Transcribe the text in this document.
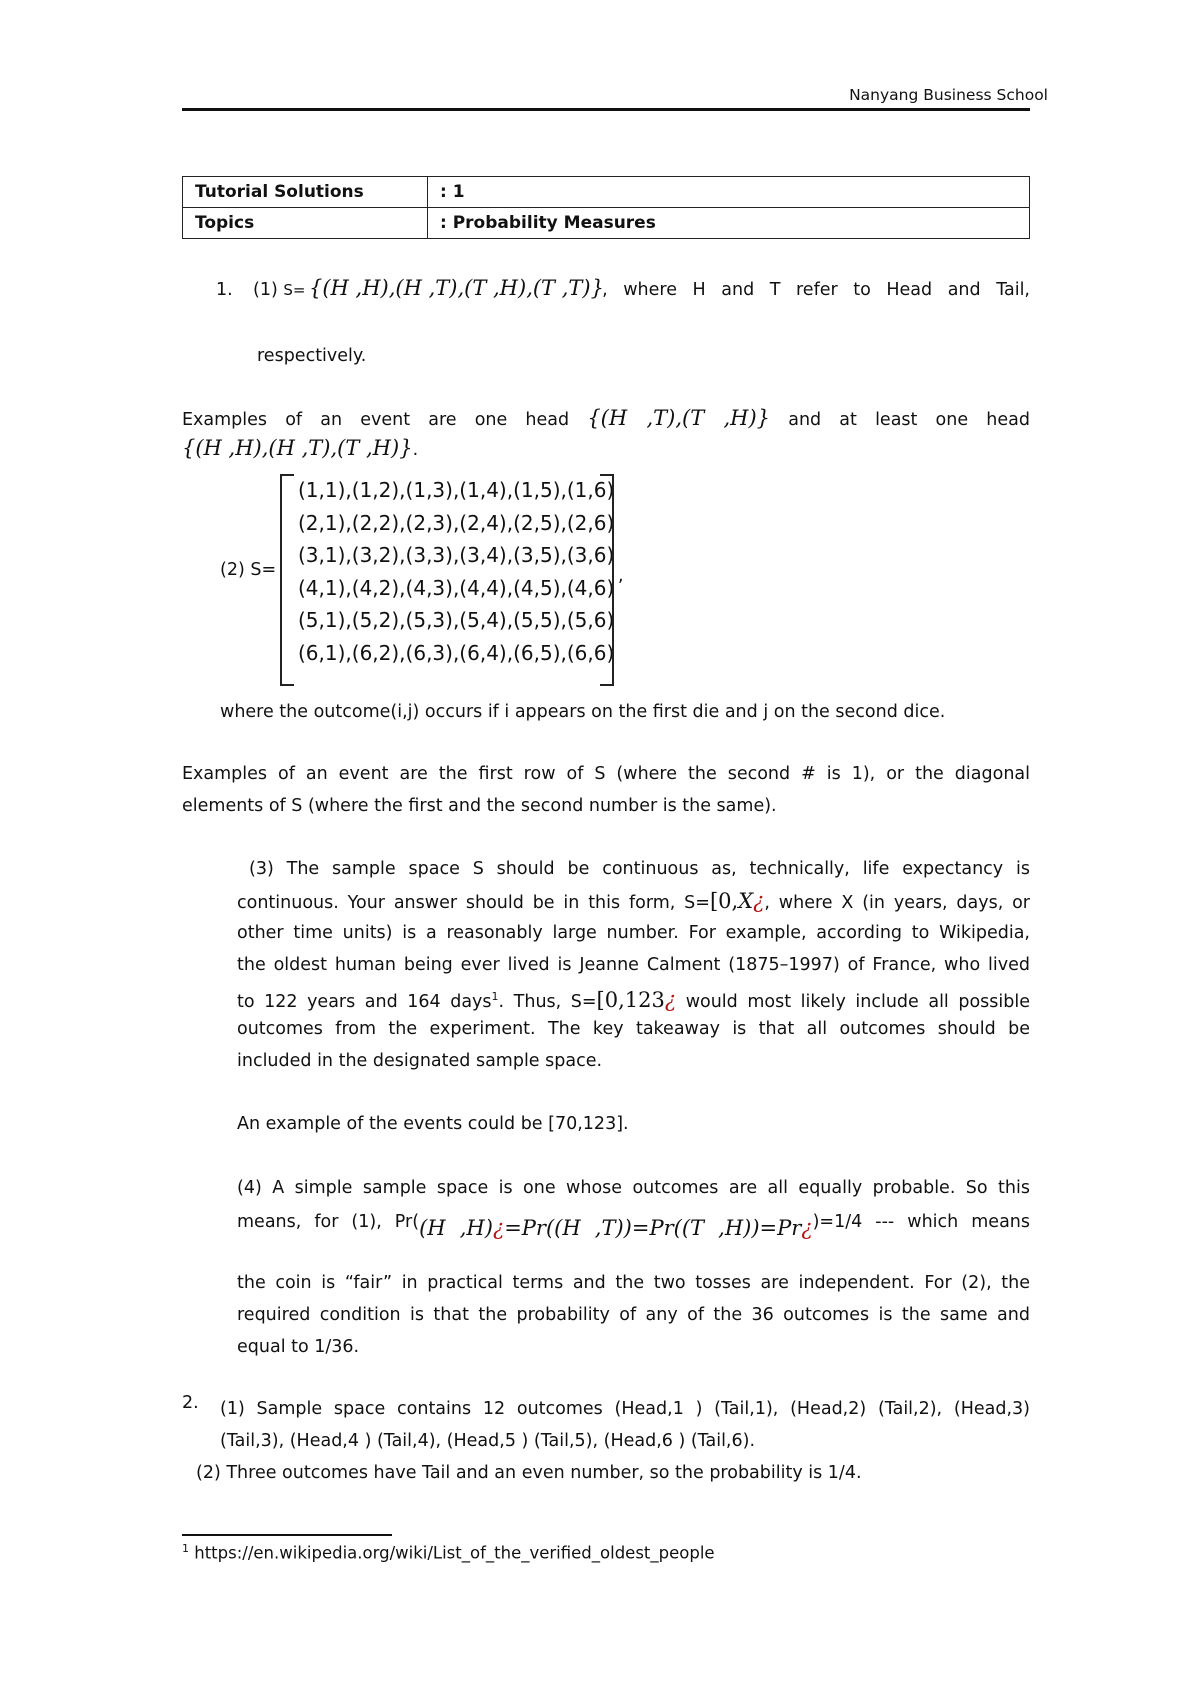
Nanyang Business School
Tutorial Solutions	: 1
Topics	: Probability Measures
1. (1) S= {(H ,H),(H ,T),(T ,H),(T ,T)}
, where H and T refer to Head and Tail,
respectively.
Examples of an event are one head {(H ,T),(T ,H)} and at least one head
{(H ,H),(H ,T),(T ,H)}.
(2) S=
(1,1),(1,2),(1,3),(1,4),(1,5),(1,6)
(2,1),(2,2),(2,3),(2,4),(2,5),(2,6)
(3,1),(3,2),(3,3),(3,4),(3,5),(3,6)
(4,1),(4,2),(4,3),(4,4),(4,5),(4,6)
(5,1),(5,2),(5,3),(5,4),(5,5),(5,6)
(6,1),(6,2),(6,3),(6,4),(6,5),(6,6)
,
where the outcome(i,j) occurs if i appears on the first die and j on the second dice.
Examples of an event are the first row of S (where the second # is 1), or the diagonal
elements of S (where the first and the second number is the same).
(3) The sample space S should be continuous as, technically, life expectancy is
continuous. Your answer should be in this form, S=[0,X¿, where X (in years, days, or
other time units) is a reasonably large number. For example, according to Wikipedia,
the oldest human being ever lived is Jeanne Calment (1875–1997) of France, who lived
to 122 years and 164 days$^1$. Thus, S=[0,123¿ would most likely include all possible
outcomes from the experiment. The key takeaway is that all outcomes should be
included in the designated sample space.
An example of the events could be [70,123].
(4) A simple sample space is one whose outcomes are all equally probable. So this
means, for (1), Pr((H ,H)¿=Pr((H ,T))=Pr((T ,H))=Pr¿)=1/4 --- which means
the coin is “fair” in practical terms and the two tosses are independent. For (2), the
required condition is that the probability of any of the 36 outcomes is the same and
equal to 1/36.
2. (1) Sample space contains 12 outcomes (Head,1 ) (Tail,1), (Head,2) (Tail,2), (Head,3)
(Tail,3), (Head,4 ) (Tail,4), (Head,5 ) (Tail,5), (Head,6 ) (Tail,6).
(2) Three outcomes have Tail and an even number, so the probability is 1/4.
$^1$ https://en.wikipedia.org/wiki/List_of_the_verified_oldest_people
